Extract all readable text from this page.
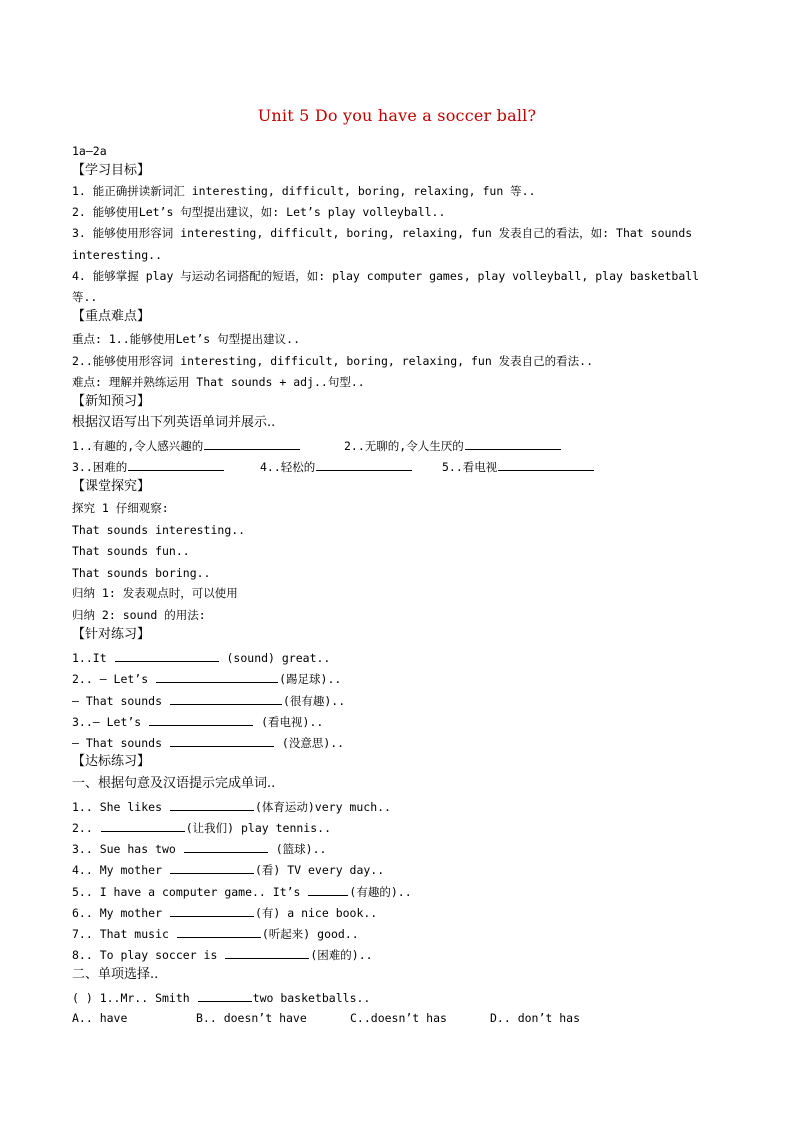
Unit 5 Do you have a soccer ball?
1a—2a
【学习目标】
1. 能正确拼读新词汇 interesting, difficult, boring, relaxing, fun 等..
2. 能够使用Let’s 句型提出建议，如: Let’s play volleyball..
3. 能够使用形容词 interesting, difficult, boring, relaxing, fun 发表自己的看法，如: That sounds
interesting..
4. 能够掌握 play 与运动名词搭配的短语，如: play computer games, play volleyball, play basketball
等..
【重点难点】
重点: 1..能够使用Let’s 句型提出建议..
2..能够使用形容词 interesting, difficult, boring, relaxing, fun 发表自己的看法..
难点: 理解并熟练运用 That sounds + adj..句型..
【新知预习】
根据汉语写出下列英语单词并展示..
1..有趣的,令人感兴趣的	2..无聊的,令人生厌的
3..困难的	4..轻松的	5..看电视
【课堂探究】
探究 1 仔细观察:
That sounds interesting..
That sounds fun..
That sounds boring..
归纳 1: 发表观点时，可以使用
归纳 2: sound 的用法:
【针对练习】
1..It	(sound) great..
2.. — Let’s	(踢足球)..
— That sounds	(很有趣)..
3..— Let’s	(看电视)..
— That sounds	(没意思)..
【达标练习】
一、根据句意及汉语提示完成单词..
1.. She likes	(体育运动)very much..
2..	(让我们) play tennis..
3.. Sue has two	(篮球)..
4.. My mother	(看) TV every day..
5.. I have a computer game.. It’s	(有趣的)..
6.. My mother	(有) a nice book..
7.. That music	(听起来) good..
8.. To play soccer is	(困难的)..
二、单项选择..
( ) 1..Mr.. Smith	two basketballs..
A.. have	B.. doesn’t have	C..doesn’t has	D.. don’t has
